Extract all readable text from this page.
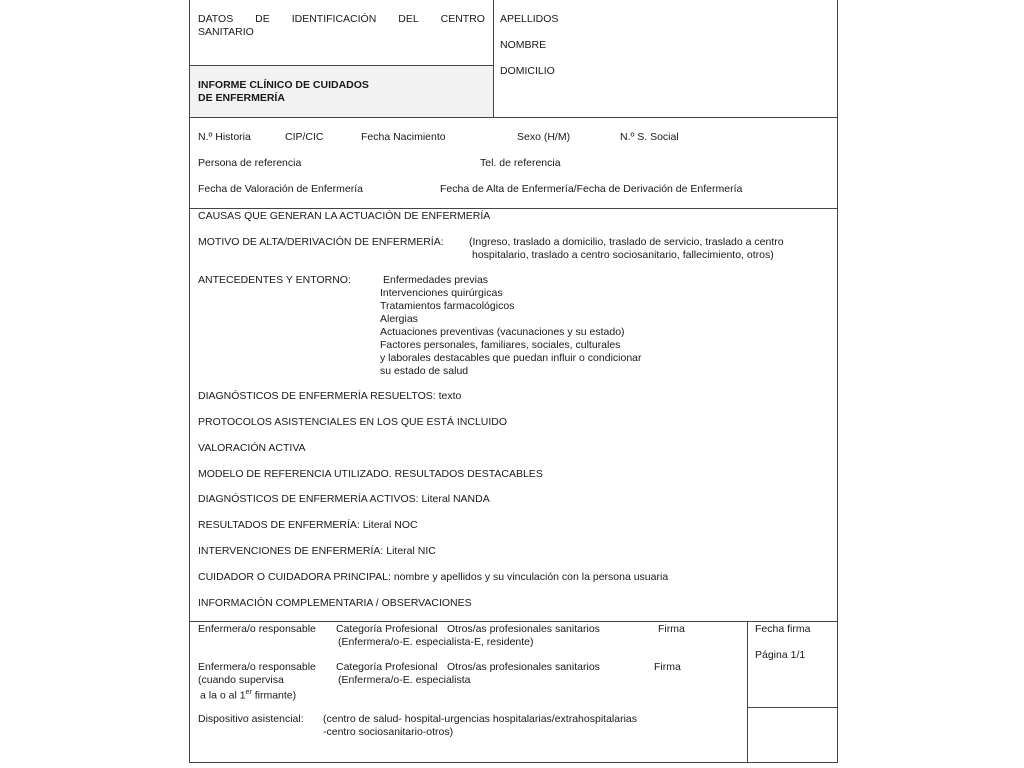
DATOS DE IDENTIFICACIÓN DEL CENTRO
SANITARIO
INFORME CLÍNICO DE CUIDADOS
DE ENFERMERÍA
APELLIDOS
NOMBRE
DOMICILIO
N.º Historia	CIP/CIC	Fecha Nacimiento	Sexo (H/M)	N.º S. Social
Persona de referencia	Tel. de referencia
Fecha de Valoración de Enfermería	Fecha de Alta de Enfermería/Fecha de Derivación de Enfermería
CAUSAS QUE GENERAN LA ACTUACIÓN DE ENFERMERÍA
MOTIVO DE ALTA/DERIVACIÓN DE ENFERMERÍA: (Ingreso, traslado a domicilio, traslado de servicio, traslado a centro
hospitalario, traslado a centro sociosanitario, fallecimiento, otros)
ANTECEDENTES Y ENTORNO:	Enfermedades previas
Intervenciones quirúrgicas
Tratamientos farmacológicos
Alergias
Actuaciones preventivas (vacunaciones y su estado)
Factores personales, familiares, sociales, culturales
y laborales destacables que puedan influir o condicionar
su estado de salud
DIAGNÓSTICOS DE ENFERMERÍA RESUELTOS: texto
PROTOCOLOS ASISTENCIALES EN LOS QUE ESTÁ INCLUIDO
VALORACIÓN ACTIVA
MODELO DE REFERENCIA UTILIZADO. RESULTADOS DESTACABLES
DIAGNÓSTICOS DE ENFERMERÍA ACTIVOS: Literal NANDA
RESULTADOS DE ENFERMERÍA: Literal NOC
INTERVENCIONES DE ENFERMERÍA: Literal NIC
CUIDADOR O CUIDADORA PRINCIPAL: nombre y apellidos y su vinculación con la persona usuaria
INFORMACIÓN COMPLEMENTARIA / OBSERVACIONES
Enfermera/o responsable Categoría Profesional Otros/as profesionales sanitarios	Firma
(Enfermera/o-E. especialista-E, residente)
Enfermera/o responsable Categoría Profesional Otros/as profesionales sanitarios	Firma
(cuando supervisa	(Enfermera/o-E. especialista
a la o al 1er firmante)
Dispositivo asistencial: (centro de salud- hospital-urgencias hospitalarias/extrahospitalarias
-centro sociosanitario-otros)
Fecha firma
Página 1/1
